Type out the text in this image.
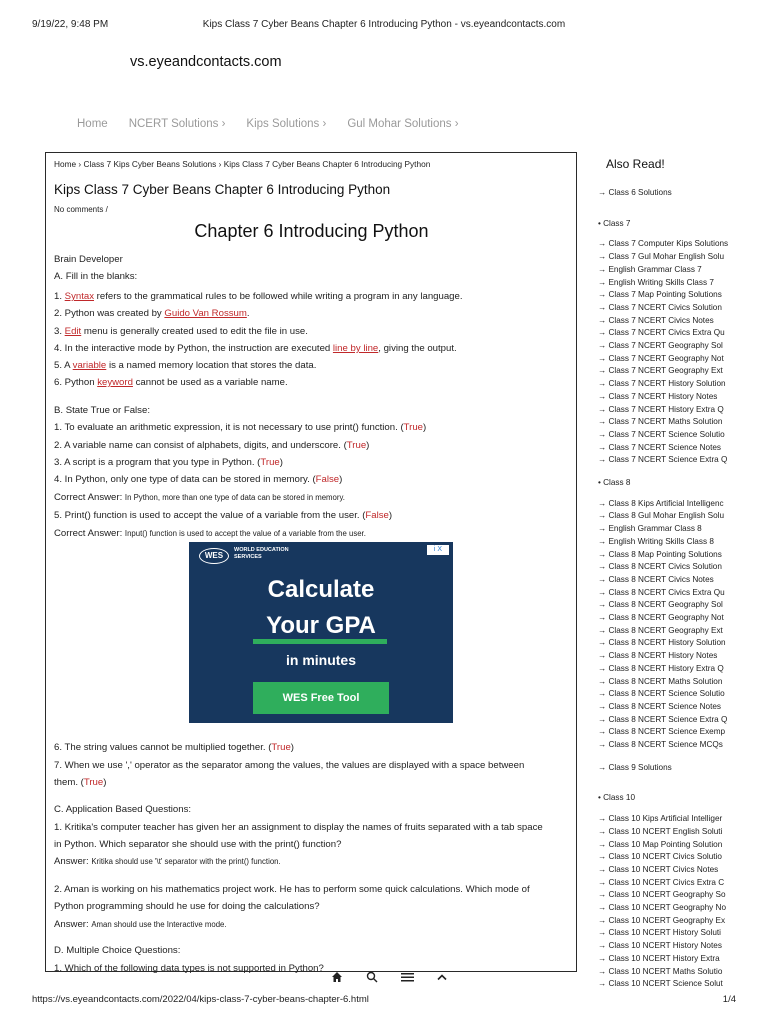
9/19/22, 9:48 PM	Kips Class 7 Cyber Beans Chapter 6 Introducing Python - vs.eyeandcontacts.com
vs.eyeandcontacts.com
Home NCERT Solutions › Kips Solutions › Gul Mohar Solutions ›
Home › Class 7 Kips Cyber Beans Solutions › Kips Class 7 Cyber Beans Chapter 6 Introducing Python
Kips Class 7 Cyber Beans Chapter 6 Introducing Python
No comments /
Chapter 6 Introducing Python
Brain Developer
A. Fill in the blanks:
1. Syntax refers to the grammatical rules to be followed while writing a program in any language.
2. Python was created by Guido Van Rossum.
3. Edit menu is generally created used to edit the file in use.
4. In the interactive mode by Python, the instruction are executed line by line, giving the output.
5. A variable is a named memory location that stores the data.
6. Python keyword cannot be used as a variable name.
B. State True or False:
1. To evaluate an arithmetic expression, it is not necessary to use print() function. (True)
2. A variable name can consist of alphabets, digits, and underscore. (True)
3. A script is a program that you type in Python. (True)
4. In Python, only one type of data can be stored in memory. (False)
Correct Answer: In Python, more than one type of data can be stored in memory.
5. Print() function is used to accept the value of a variable from the user. (False)
Correct Answer: Input() function is used to accept the value of a variable from the user.
WES
WORLD EDUCATION SERVICES
i X
Calculate
Your GPA
in minutes
WES Free Tool
6. The string values cannot be multiplied together. (True)
7. When we use ',' operator as the separator among the values, the values are displayed with a space between
them. (True)
C. Application Based Questions:
1. Kritika's computer teacher has given her an assignment to display the names of fruits separated with a tab space
in Python. Which separator she should use with the print() function?
Answer: Kritika should use '\t' separator with the print() function.
2. Aman is working on his mathematics project work. He has to perform some quick calculations. Which mode of
Python programming should he use for doing the calculations?
Answer: Aman should use the Interactive mode.
D. Multiple Choice Questions:
1. Which of the following data types is not supported in Python?
Also Read!
→ Class 6 Solutions
• Class 7
→ Class 7 Computer Kips Solutions
→ Class 7 Gul Mohar English Solu
→ English Grammar Class 7
→ English Writing Skills Class 7
→ Class 7 Map Pointing Solutions
→ Class 7 NCERT Civics Solution
→ Class 7 NCERT Civics Notes
→ Class 7 NCERT Civics Extra Qu
→ Class 7 NCERT Geography Sol
→ Class 7 NCERT Geography Not
→ Class 7 NCERT Geography Ext
→ Class 7 NCERT History Solution
→ Class 7 NCERT History Notes
→ Class 7 NCERT History Extra Q
→ Class 7 NCERT Maths Solution
→ Class 7 NCERT Science Solutio
→ Class 7 NCERT Science Notes
→ Class 7 NCERT Science Extra Q
• Class 8
→ Class 8 Kips Artificial Intelligenc
→ Class 8 Gul Mohar English Solu
→ English Grammar Class 8
→ English Writing Skills Class 8
→ Class 8 Map Pointing Solutions
→ Class 8 NCERT Civics Solution
→ Class 8 NCERT Civics Notes
→ Class 8 NCERT Civics Extra Qu
→ Class 8 NCERT Geography Sol
→ Class 8 NCERT Geography Not
→ Class 8 NCERT Geography Ext
→ Class 8 NCERT History Solution
→ Class 8 NCERT History Notes
→ Class 8 NCERT History Extra Q
→ Class 8 NCERT Maths Solution
→ Class 8 NCERT Science Solutio
→ Class 8 NCERT Science Notes
→ Class 8 NCERT Science Extra Q
→ Class 8 NCERT Science Exemp
→ Class 8 NCERT Science MCQs
→ Class 9 Solutions
• Class 10
→ Class 10 Kips Artificial Intelliger
→ Class 10 NCERT English Soluti
→ Class 10 Map Pointing Solution
→ Class 10 NCERT Civics Solutio
→ Class 10 NCERT Civics Notes
→ Class 10 NCERT Civics Extra C
→ Class 10 NCERT Geography So
→ Class 10 NCERT Geography No
→ Class 10 NCERT Geography Ex
→ Class 10 NCERT History Soluti
→ Class 10 NCERT History Notes
→ Class 10 NCERT History Extra
→ Class 10 NCERT Maths Solutio
→ Class 10 NCERT Science Solut
https://vs.eyeandcontacts.com/2022/04/kips-class-7-cyber-beans-chapter-6.html	1/4
